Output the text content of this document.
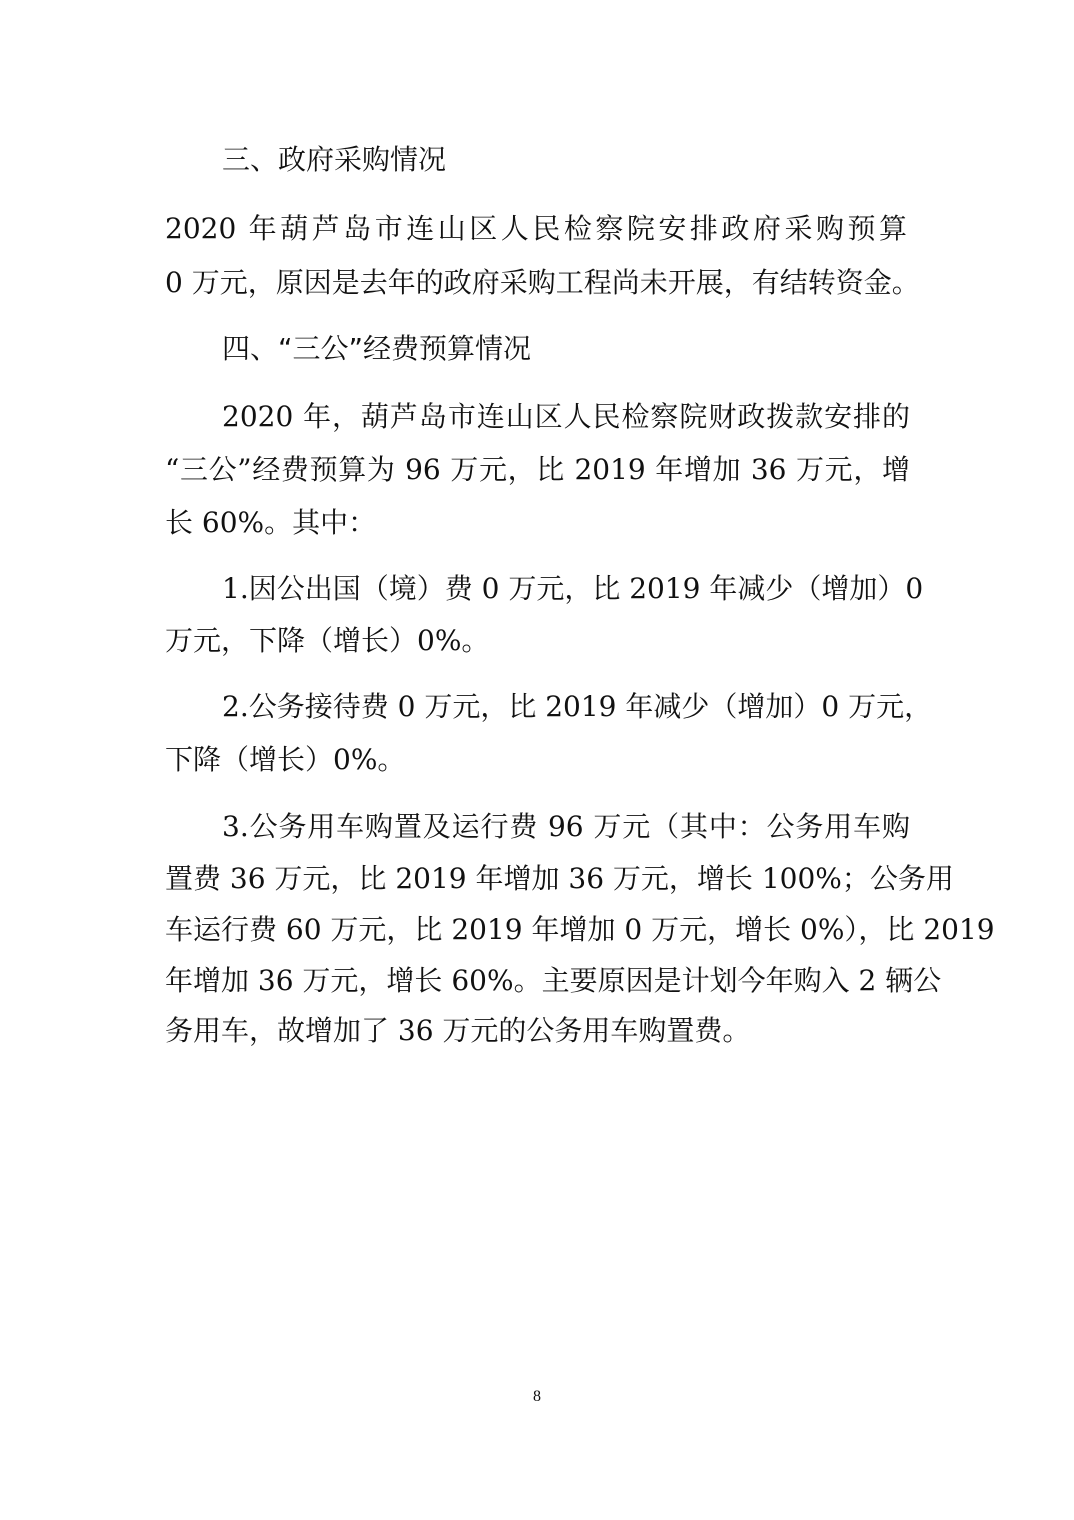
三、政府采购情况
2020 年葫芦岛市连山区人民检察院安排政府采购预算
0 万元，原因是去年的政府采购工程尚未开展，有结转资金。
四、“三公”经费预算情况
2020 年，葫芦岛市连山区人民检察院财政拨款安排的
“三公”经费预算为 96 万元，比 2019 年增加 36 万元，增
长 60%。其中：
1.因公出国（境）费 0 万元，比 2019 年减少（增加）0
万元，下降（增长）0%。
2.公务接待费 0 万元，比 2019 年减少（增加）0 万元，
下降（增长）0%。
3.公务用车购置及运行费 96 万元（其中：公务用车购
置费 36 万元，比 2019 年增加 36 万元，增长 100%；公务用
车运行费 60 万元，比 2019 年增加 0 万元，增长 0%），比 2019
年增加 36 万元，增长 60%。主要原因是计划今年购入 2 辆公
务用车，故增加了 36 万元的公务用车购置费。
8
